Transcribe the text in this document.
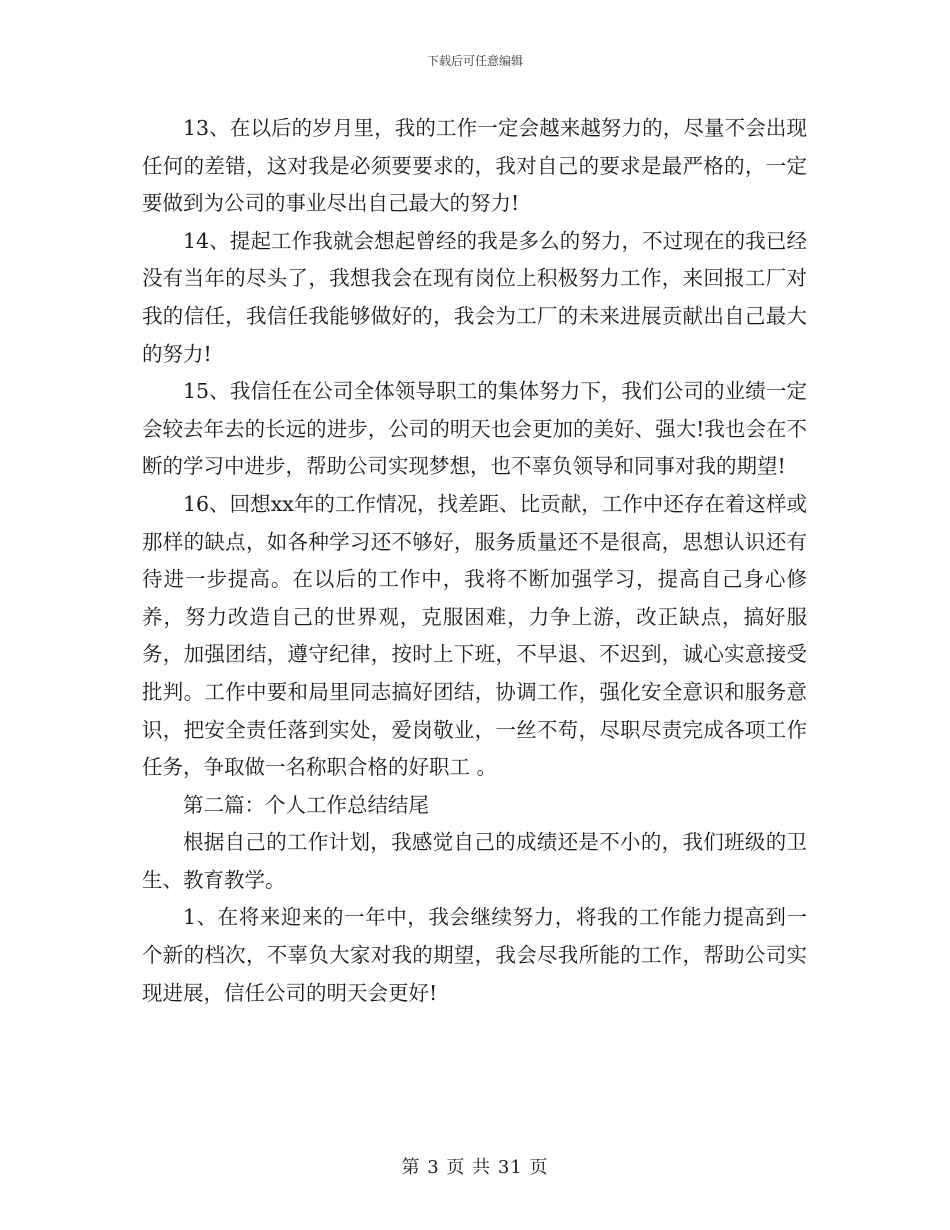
下载后可任意编辑

13、在以后的岁月里，我的工作一定会越来越努力的，尽量不会出现任何的差错，这对我是必须要要求的，我对自己的要求是最严格的，一定要做到为公司的事业尽出自己最大的努力!

14、提起工作我就会想起曾经的我是多么的努力，不过现在的我已经没有当年的尽头了，我想我会在现有岗位上积极努力工作，来回报工厂对我的信任，我信任我能够做好的，我会为工厂的未来进展贡献出自己最大的努力!

15、我信任在公司全体领导职工的集体努力下，我们公司的业绩一定会较去年去的长远的进步，公司的明天也会更加的美好、强大!我也会在不断的学习中进步，帮助公司实现梦想，也不辜负领导和同事对我的期望!

16、回想xx年的工作情况，找差距、比贡献，工作中还存在着这样或那样的缺点，如各种学习还不够好，服务质量还不是很高，思想认识还有待进一步提高。在以后的工作中，我将不断加强学习，提高自己身心修养，努力改造自己的世界观，克服困难，力争上游，改正缺点，搞好服务，加强团结，遵守纪律，按时上下班，不早退、不迟到，诚心实意接受批判。工作中要和局里同志搞好团结，协调工作，强化安全意识和服务意识，把安全责任落到实处，爱岗敬业，一丝不苟，尽职尽责完成各项工作任务，争取做一名称职合格的好职工 。

第二篇：个人工作总结结尾

根据自己的工作计划，我感觉自己的成绩还是不小的，我们班级的卫生、教育教学。

1、在将来迎来的一年中，我会继续努力，将我的工作能力提高到一个新的档次，不辜负大家对我的期望，我会尽我所能的工作，帮助公司实现进展，信任公司的明天会更好!

第 3 页 共 31 页
